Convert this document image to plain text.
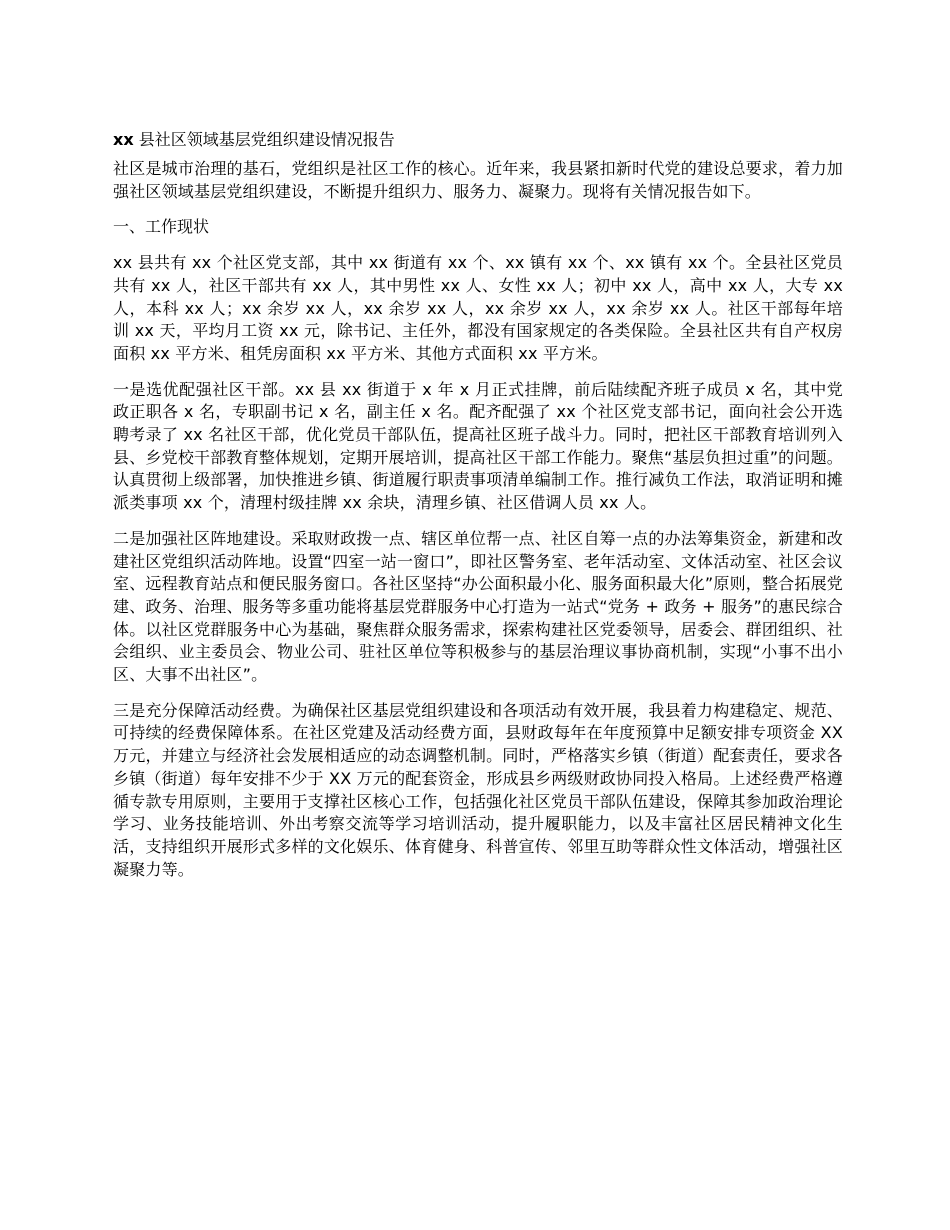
xx 县社区领域基层党组织建设情况报告

社区是城市治理的基石，党组织是社区工作的核心。近年来，我县紧扣新时代党的建设总要求，着力加强社区领域基层党组织建设，不断提升组织力、服务力、凝聚力。现将有关情况报告如下。

一、工作现状

xx 县共有 xx 个社区党支部，其中 xx 街道有 xx 个、xx 镇有 xx 个、xx 镇有 xx 个。全县社区党员共有 xx 人，社区干部共有 xx 人，其中男性 xx 人、女性 xx 人；初中 xx 人，高中 xx 人，大专 xx 人，本科 xx 人；xx 余岁 xx 人，xx 余岁 xx 人，xx 余岁 xx 人，xx 余岁 xx 人。社区干部每年培训 xx 天，平均月工资 xx 元，除书记、主任外，都没有国家规定的各类保险。全县社区共有自产权房面积 xx 平方米、租凭房面积 xx 平方米、其他方式面积 xx 平方米。

一是选优配强社区干部。xx 县 xx 街道于 x 年 x 月正式挂牌，前后陆续配齐班子成员 x 名，其中党政正职各 x 名，专职副书记 x 名，副主任 x 名。配齐配强了 xx 个社区党支部书记，面向社会公开选聘考录了 xx 名社区干部，优化党员干部队伍，提高社区班子战斗力。同时，把社区干部教育培训列入县、乡党校干部教育整体规划，定期开展培训，提高社区干部工作能力。聚焦“基层负担过重”的问题。认真贯彻上级部署，加快推进乡镇、街道履行职责事项清单编制工作。推行减负工作法，取消证明和摊派类事项 xx 个，清理村级挂牌 xx 余块，清理乡镇、社区借调人员 xx 人。

二是加强社区阵地建设。采取财政拨一点、辖区单位帮一点、社区自筹一点的办法筹集资金，新建和改建社区党组织活动阵地。设置“四室一站一窗口”，即社区警务室、老年活动室、文体活动室、社区会议室、远程教育站点和便民服务窗口。各社区坚持“办公面积最小化、服务面积最大化”原则，整合拓展党建、政务、治理、服务等多重功能将基层党群服务中心打造为一站式“党务 + 政务 + 服务”的惠民综合体。以社区党群服务中心为基础，聚焦群众服务需求，探索构建社区党委领导，居委会、群团组织、社会组织、业主委员会、物业公司、驻社区单位等积极参与的基层治理议事协商机制，实现“小事不出小区、大事不出社区”。

三是充分保障活动经费。为确保社区基层党组织建设和各项活动有效开展，我县着力构建稳定、规范、可持续的经费保障体系。在社区党建及活动经费方面，县财政每年在年度预算中足额安排专项资金 XX 万元，并建立与经济社会发展相适应的动态调整机制。同时，严格落实乡镇（街道）配套责任，要求各乡镇（街道）每年安排不少于 XX 万元的配套资金，形成县乡两级财政协同投入格局。上述经费严格遵循专款专用原则，主要用于支撑社区核心工作，包括强化社区党员干部队伍建设，保障其参加政治理论学习、业务技能培训、外出考察交流等学习培训活动，提升履职能力，以及丰富社区居民精神文化生活，支持组织开展形式多样的文化娱乐、体育健身、科普宣传、邻里互助等群众性文体活动，增强社区凝聚力等。
